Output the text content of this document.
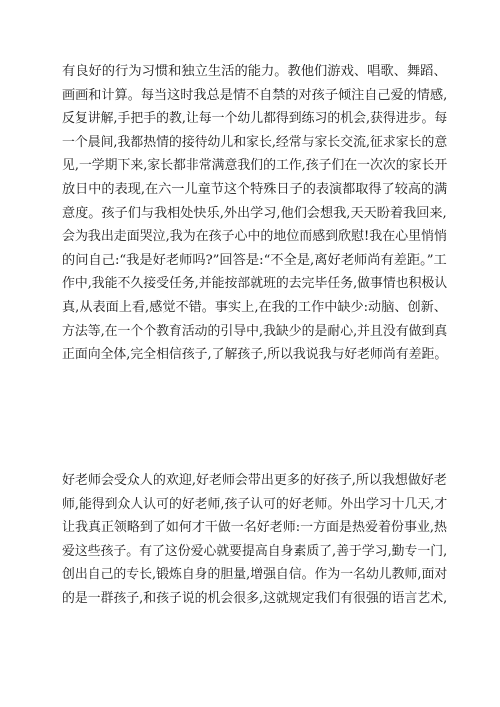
有良好的行为习惯和独立生活的能力。教他们游戏、唱歌、舞蹈、
画画和计算。每当这时我总是情不自禁的对孩子倾注自己爱的情感,
反复讲解,手把手的教,让每一个幼儿都得到练习的机会,获得进步。每
一个晨间,我都热情的接待幼儿和家长,经常与家长交流,征求家长的意
见,一学期下来,家长都非常满意我们的工作,孩子们在一次次的家长开
放日中的表现,在六一儿童节这个特殊日子的表演都取得了较高的满
意度。孩子们与我相处快乐,外出学习,他们会想我,天天盼着我回来,
会为我出走面哭泣,我为在孩子心中的地位而感到欣慰!我在心里悄悄
的问自己:“我是好老师吗?”回答是:“不全是,离好老师尚有差距。”工
作中,我能不久接受任务,并能按部就班的去完毕任务,做事情也积极认
真,从表面上看,感觉不错。事实上,在我的工作中缺少:动脑、创新、
方法等,在一个个教育活动的引导中,我缺少的是耐心,并且没有做到真
正面向全体,完全相信孩子,了解孩子,所以我说我与好老师尚有差距。
好老师会受众人的欢迎,好老师会带出更多的好孩子,所以我想做好老
师,能得到众人认可的好老师,孩子认可的好老师。外出学习十几天,才
让我真正领略到了如何才干做一名好老师:一方面是热爱着份事业,热
爱这些孩子。有了这份爱心就要提高自身素质了,善于学习,勤专一门,
创出自己的专长,锻炼自身的胆量,增强自信。作为一名幼儿教师,面对
的是一群孩子,和孩子说的机会很多,这就规定我们有很强的语言艺术,
